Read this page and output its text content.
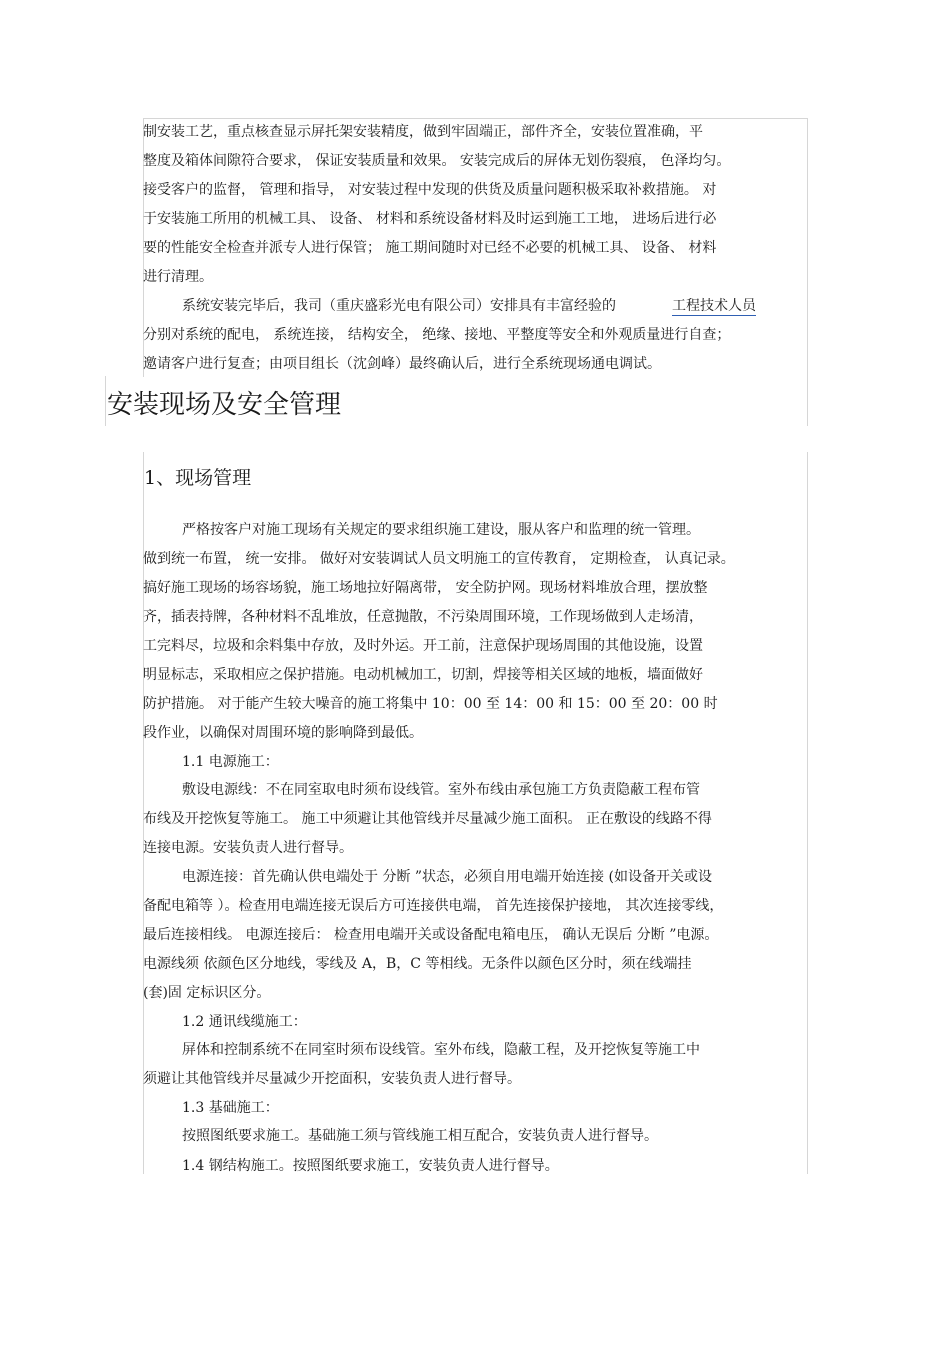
制安装工艺，重点核查显示屏托架安装精度，做到牢固端正，部件齐全，安装位置准确，平
整度及箱体间隙符合要求， 保证安装质量和效果。 安装完成后的屏体无划伤裂痕， 色泽均匀。
接受客户的监督， 管理和指导， 对安装过程中发现的供货及质量问题积极采取补救措施。 对
于安装施工所用的机械工具、 设备、 材料和系统设备材料及时运到施工工地， 进场后进行必
要的性能安全检查并派专人进行保管； 施工期间随时对已经不必要的机械工具、 设备、 材料
进行清理。
系统安装完毕后，我司（重庆盛彩光电有限公司）安排具有丰富经验的	工程技术人员
分别对系统的配电， 系统连接， 结构安全， 绝缘、接地、平整度等安全和外观质量进行自查；
邀请客户进行复查；由项目组长（沈剑峰）最终确认后，进行全系统现场通电调试。
安装现场及安全管理
1、现场管理
严格按客户对施工现场有关规定的要求组织施工建设，服从客户和监理的统一管理。
做到统一布置， 统一安排。 做好对安装调试人员文明施工的宣传教育， 定期检查， 认真记录。
搞好施工现场的场容场貌，施工场地拉好隔离带， 安全防护网。现场材料堆放合理，摆放整
齐，插表持牌，各种材料不乱堆放，任意抛散，不污染周围环境，工作现场做到人走场清，
工完料尽，垃圾和余料集中存放，及时外运。开工前，注意保护现场周围的其他设施，设置
明显标志，采取相应之保护措施。电动机械加工，切割，焊接等相关区域的地板，墙面做好
防护措施。 对于能产生较大噪音的施工将集中 10：00 至 14：00 和 15：00 至 20：00 时
段作业，以确保对周围环境的影响降到最低。
1.1 电源施工：
敷设电源线：不在同室取电时须布设线管。室外布线由承包施工方负责隐蔽工程布管
布线及开挖恢复等施工。 施工中须避让其他管线并尽量减少施工面积。 正在敷设的线路不得
连接电源。安装负责人进行督导。
电源连接：首先确认供电端处于 分断 ”状态，必须自用电端开始连接 (如设备开关或设
备配电箱等 ）。检查用电端连接无误后方可连接供电端， 首先连接保护接地， 其次连接零线，
最后连接相线。 电源连接后： 检查用电端开关或设备配电箱电压， 确认无误后 分断 ”电源。
电源线须 依颜色区分地线，零线及 A，B，C 等相线。无条件以颜色区分时，须在线端挂
(套)固 定标识区分。
1.2 通讯线缆施工：
屏体和控制系统不在同室时须布设线管。室外布线，隐蔽工程，及开挖恢复等施工中
须避让其他管线并尽量减少开挖面积，安装负责人进行督导。
1.3 基础施工：
按照图纸要求施工。基础施工须与管线施工相互配合，安装负责人进行督导。
1.4 钢结构施工。按照图纸要求施工，安装负责人进行督导。
